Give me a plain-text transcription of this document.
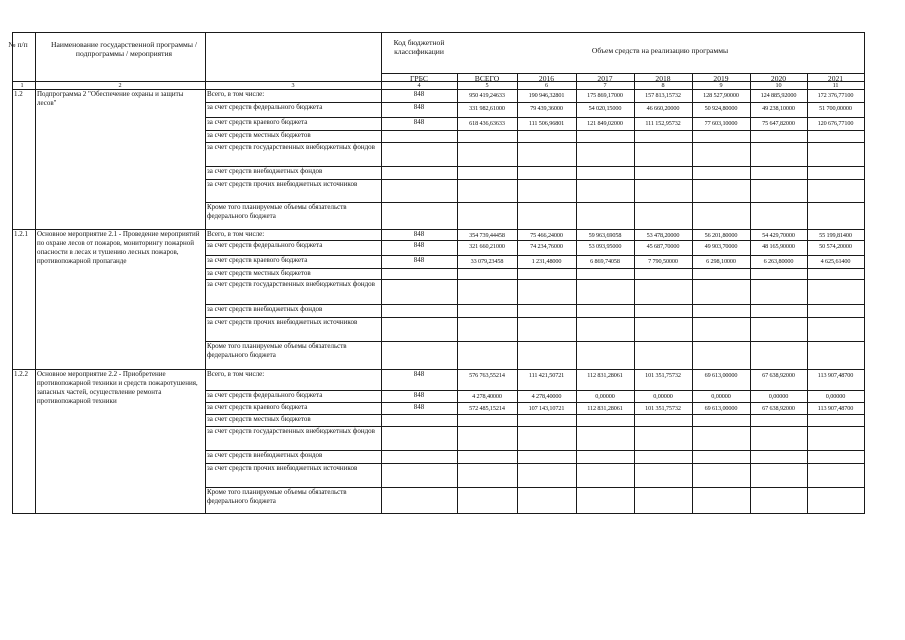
№ п/п	Наименование государственной программы / подпрограммы / мероприятия
Код бюджетной классификации	Объем средств на реализацию программы
ГРБС	ВСЕГО	2016	2017	2018	2019	2020	2021
1	2	3	4	5	6	7	8	9	10	11
1.2	Подпрограмма 2 "Обеспечение охраны и защиты лесов"
Всего, в том числе:	848	950 419,24633	190 946,32801	175 869,17000	157 813,15732	128 527,90000	124 885,92000	172 376,77100
за счет средств федерального бюджета	848	331 982,61000	79 439,36000	54 020,15000	46 660,20000	50 924,80000	49 238,10000	51 700,00000
за счет средств краевого бюджета	848	618 436,63633	111 506,96801	121 849,02000	111 152,95732	77 603,10000	75 647,82000	120 676,77100
за счет средств местных бюджетов
за счет средств государственных внебюджетных фондов
за счет средств внебюджетных фондов
за счет средств прочих внебюджетных источников
Кроме того планируемые объемы обязательств федерального бюджета
1.2.1	Основное мероприятие 2.1 - Проведение мероприятий по охране лесов от пожаров, мониторингу пожарной опасности в лесах и тушению лесных пожаров, противопожарной пропаганде
Всего, в том числе:	848	354 739,44458	75 466,24000	59 963,69058	53 478,20000	56 201,80000	54 429,70000	55 199,81400
за счет средств федерального бюджета	848	321 660,21000	74 234,76000	53 093,95000	45 687,70000	49 903,70000	48 165,90000	50 574,20000
за счет средств краевого бюджета	848	33 079,23458	1 231,48000	6 869,74058	7 790,50000	6 298,10000	6 263,80000	4 625,61400
за счет средств местных бюджетов
за счет средств государственных внебюджетных фондов
за счет средств внебюджетных фондов
за счет средств прочих внебюджетных источников
Кроме того планируемые объемы обязательств федерального бюджета
1.2.2	Основное мероприятие 2.2 - Приобретение противопожарной техники и средств пожаротушения, запасных частей, осуществление ремонта противопожарной техники
Всего, в том числе:	848	576 763,55214	111 421,50721	112 831,28061	101 351,75732	69 613,00000	67 638,92000	113 907,48700
за счет средств федерального бюджета	848	4 278,40000	4 278,40000	0,00000	0,00000	0,00000	0,00000	0,00000
за счет средств краевого бюджета	848	572 485,15214	107 143,10721	112 831,28061	101 351,75732	69 613,00000	67 638,92000	113 907,48700
за счет средств местных бюджетов
за счет средств государственных внебюджетных фондов
за счет средств внебюджетных фондов
за счет средств прочих внебюджетных источников
Кроме того планируемые объемы обязательств федерального бюджета
